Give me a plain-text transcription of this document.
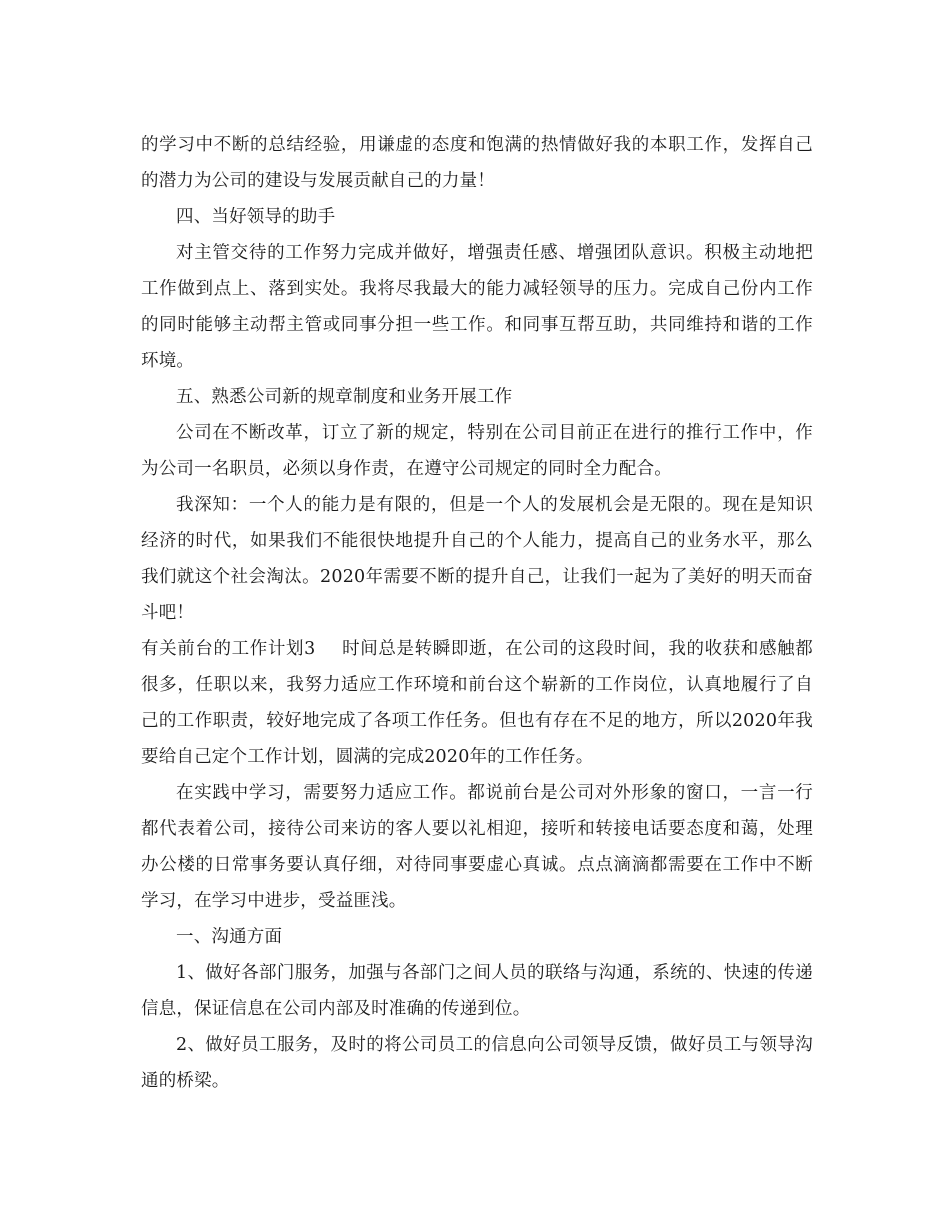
的学习中不断的总结经验，用谦虚的态度和饱满的热情做好我的本职工作，发挥自己的潜力为公司的建设与发展贡献自己的力量！

四、当好领导的助手

对主管交待的工作努力完成并做好，增强责任感、增强团队意识。积极主动地把工作做到点上、落到实处。我将尽我最大的能力减轻领导的压力。完成自己份内工作的同时能够主动帮主管或同事分担一些工作。和同事互帮互助，共同维持和谐的工作环境。

五、熟悉公司新的规章制度和业务开展工作

公司在不断改革，订立了新的规定，特别在公司目前正在进行的推行工作中，作为公司一名职员，必须以身作责，在遵守公司规定的同时全力配合。

我深知：一个人的能力是有限的，但是一个人的发展机会是无限的。现在是知识经济的时代，如果我们不能很快地提升自己的个人能力，提高自己的业务水平，那么我们就这个社会淘汰。2020年需要不断的提升自己，让我们一起为了美好的明天而奋斗吧！

有关前台的工作计划3 时间总是转瞬即逝，在公司的这段时间，我的收获和感触都很多，任职以来，我努力适应工作环境和前台这个崭新的工作岗位，认真地履行了自己的工作职责，较好地完成了各项工作任务。但也有存在不足的地方，所以2020年我要给自己定个工作计划，圆满的完成2020年的工作任务。

在实践中学习，需要努力适应工作。都说前台是公司对外形象的窗口，一言一行都代表着公司，接待公司来访的客人要以礼相迎，接听和转接电话要态度和蔼，处理办公楼的日常事务要认真仔细，对待同事要虚心真诚。点点滴滴都需要在工作中不断学习，在学习中进步，受益匪浅。

一、沟通方面

1、做好各部门服务，加强与各部门之间人员的联络与沟通，系统的、快速的传递信息，保证信息在公司内部及时准确的传递到位。

2、做好员工服务，及时的将公司员工的信息向公司领导反馈，做好员工与领导沟通的桥梁。
